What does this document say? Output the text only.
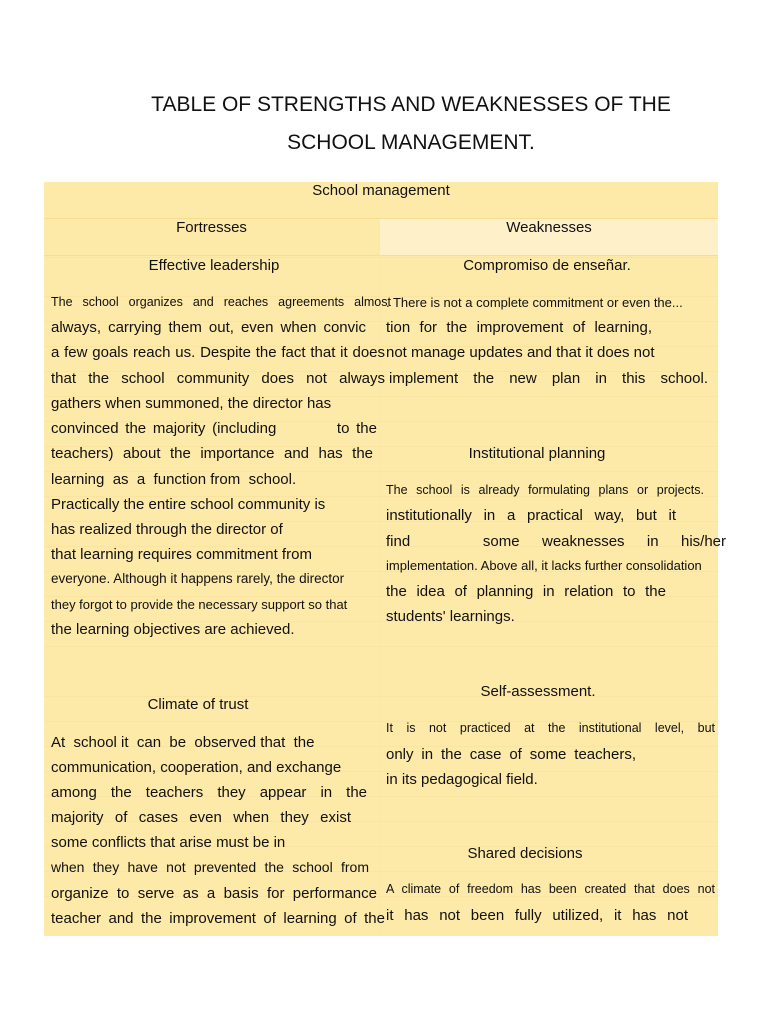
TABLE OF STRENGTHS AND WEAKNESSES OF THE
SCHOOL MANAGEMENT.
School management
Fortresses	Weaknesses
Effective leadership
The school organizes and reaches agreements almost
always, carrying them out, even when convic
a few goals reach us. Despite the fact that it does
that the school community does not always
gathers when summoned, the director has
convinced the majority (including         to the
teachers) about the importance and has the
learning  as  a  function from  school.
Practically the entire school community is
has realized through the director of
that learning requires commitment from
everyone. Although it happens rarely, the director
they forgot to provide the necessary support so that
the learning objectives are achieved.
Climate of trust
At  school it  can  be  observed that  the
communication, cooperation, and exchange
among  the  teachers  they  appear  in  the
majority  of  cases  even  when  they  exist
some conflicts that arise must be in
when they have not prevented the school from
organize  to  serve  as  a  basis  for  performance
teacher and the improvement of learning of the
Compromiso de enseñar.
. There is not a complete commitment or even the...
tion for the improvement of learning,
not manage updates and that it does not
implement the new plan in this school.
Institutional planning
The school is already formulating plans or projects.
institutionally  in  a  practical  way,  but  it
find             some    weaknesses    in    his/her
implementation. Above all, it lacks further consolidation
the idea of planning in relation to the
students' learnings.
Self-assessment.
It is not practiced at the institutional level, but
only in the case of some teachers,
in its pedagogical field.
Shared decisions
A climate of freedom has been created that does not
it has not been fully utilized, it has not
